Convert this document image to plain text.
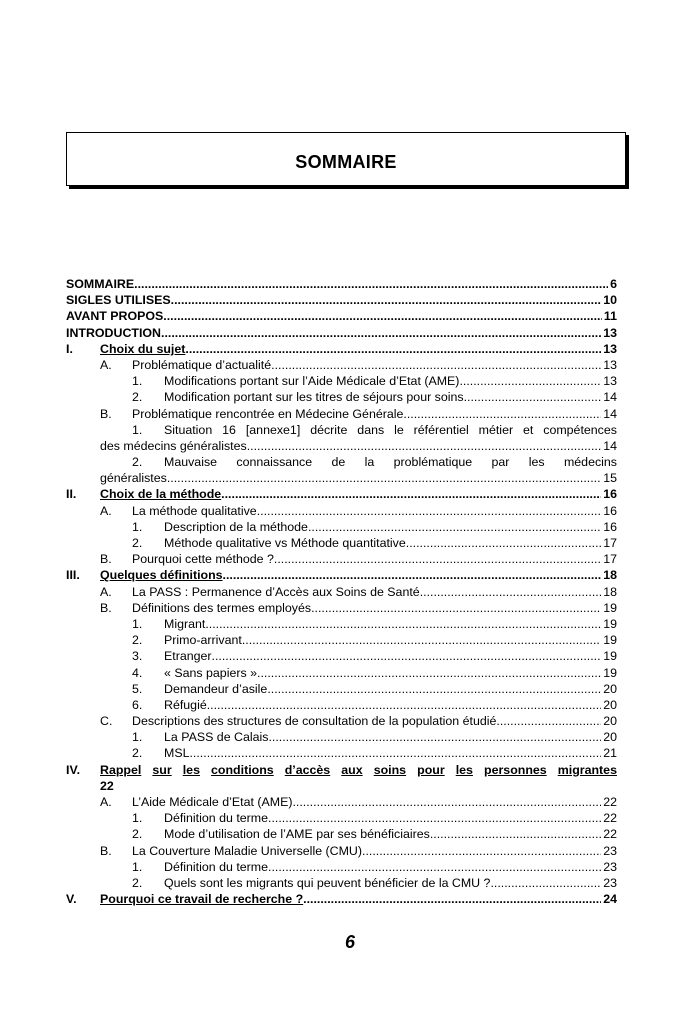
SOMMAIRE
SOMMAIRE .....	6
SIGLES UTILISES .....	10
AVANT PROPOS .....	11
INTRODUCTION .....	13
I. Choix du sujet .....	13
A. Problématique d’actualité .....	13
1. Modifications portant sur l’Aide Médicale d’Etat (AME) .....	13
2. Modification portant sur les titres de séjours pour soins .....	14
B. Problématique rencontrée en Médecine Générale .....	14
1. Situation 16 [annexe1] décrite dans le référentiel métier et compétences
des médecins généralistes .....	14
2. Mauvaise connaissance de la problématique par les médecins
généralistes .....	15
II. Choix de la méthode .....	16
A. La méthode qualitative .....	16
1. Description de la méthode .....	16
2. Méthode qualitative vs Méthode quantitative .....	17
B. Pourquoi cette méthode ? .....	17
III. Quelques définitions .....	18
A. La PASS : Permanence d’Accès aux Soins de Santé .....	18
B. Définitions des termes employés .....	19
1. Migrant .....	19
2. Primo-arrivant .....	19
3. Etranger .....	19
4. « Sans papiers » .....	19
5. Demandeur d’asile .....	20
6. Réfugié .....	20
C. Descriptions des structures de consultation de la population étudié .....	20
1. La PASS de Calais .....	20
2. MSL .....	21
IV. Rappel sur les conditions d’accès aux soins pour les personnes migrantes
22
A. L’Aide Médicale d’Etat (AME) .....	22
1. Définition du terme .....	22
2. Mode d’utilisation de l’AME par ses bénéficiaires .....	22
B. La Couverture Maladie Universelle (CMU) .....	23
1. Définition du terme .....	23
2. Quels sont les migrants qui peuvent bénéficier de la CMU ? .....	23
V. Pourquoi ce travail de recherche ? .....	24
6
